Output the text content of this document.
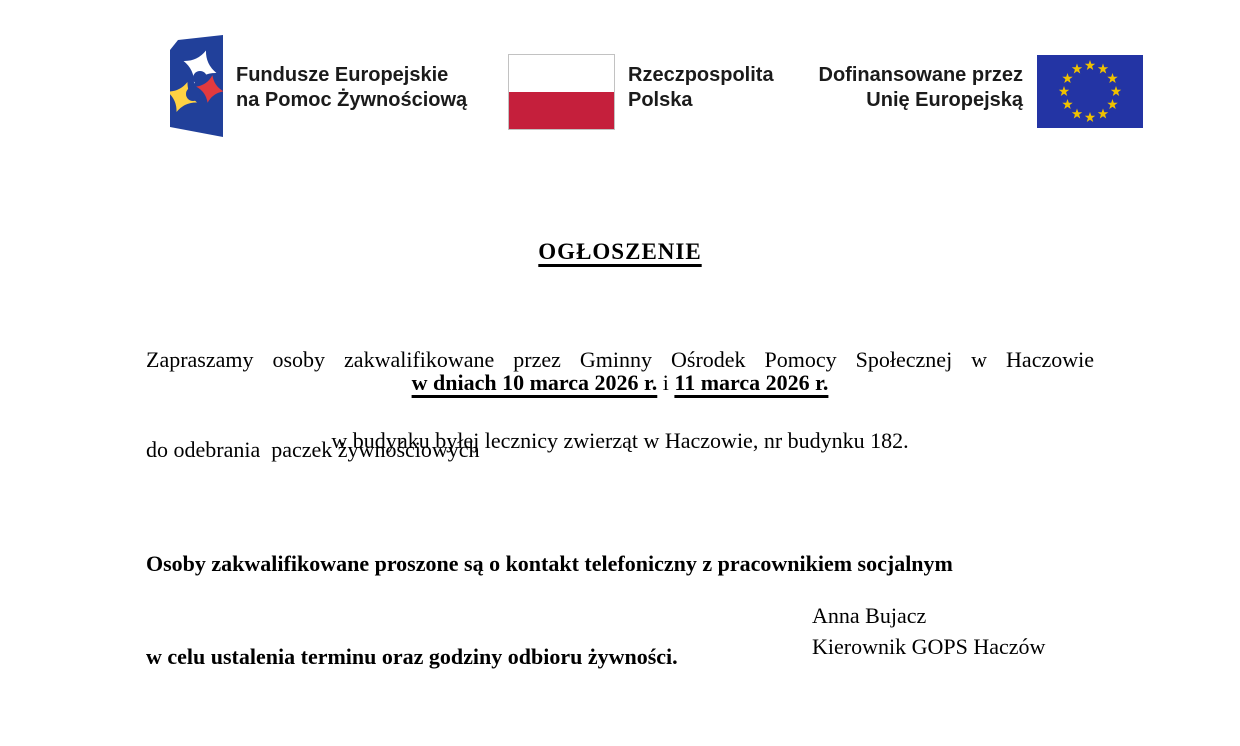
Fundusze Europejskie
na Pomoc Żywnościową
Rzeczpospolita
Polska
Dofinansowane przez
Unię Europejską
OGŁOSZENIE

Zapraszamy osoby zakwalifikowane przez Gminny Ośrodek Pomocy Społecznej w Haczowie

do odebrania  paczek żywnościowych

w dniach 10 marca 2026 r. i 11 marca 2026 r.
w budynku byłej lecznicy zwierząt w Haczowie, nr budynku 182.

Osoby zakwalifikowane proszone są o kontakt telefoniczny z pracownikiem socjalnym

w celu ustalenia terminu oraz godziny odbioru żywności.

Anna Bujacz
Kierownik GOPS Haczów
